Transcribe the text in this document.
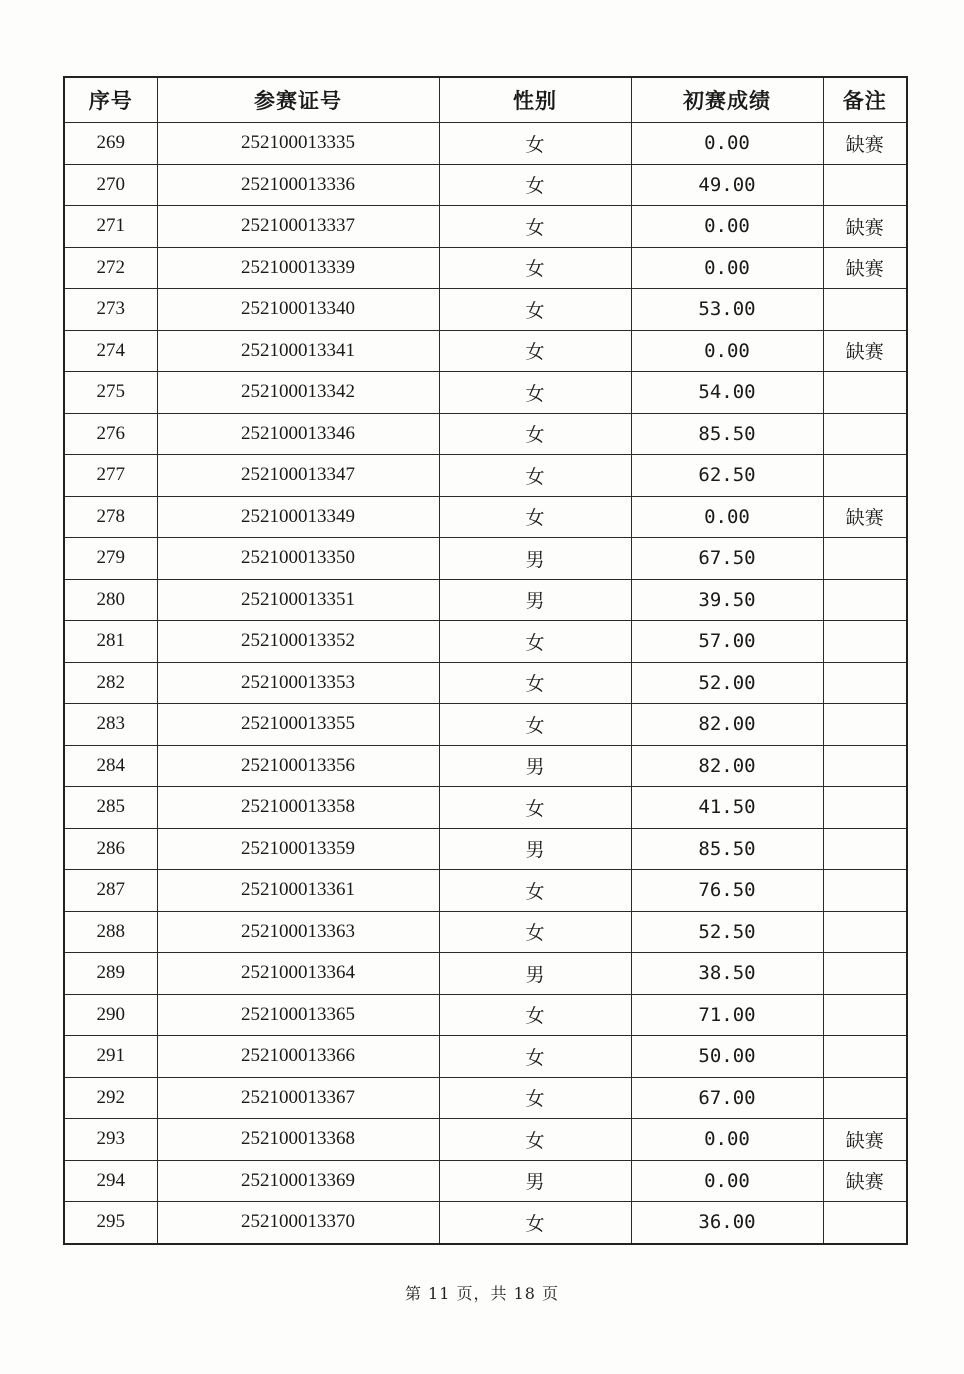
序号	参赛证号	性别	初赛成绩	备注
269	252100013335	女	0.00	缺赛
270	252100013336	女	49.00	
271	252100013337	女	0.00	缺赛
272	252100013339	女	0.00	缺赛
273	252100013340	女	53.00	
274	252100013341	女	0.00	缺赛
275	252100013342	女	54.00	
276	252100013346	女	85.50	
277	252100013347	女	62.50	
278	252100013349	女	0.00	缺赛
279	252100013350	男	67.50	
280	252100013351	男	39.50	
281	252100013352	女	57.00	
282	252100013353	女	52.00	
283	252100013355	女	82.00	
284	252100013356	男	82.00	
285	252100013358	女	41.50	
286	252100013359	男	85.50	
287	252100013361	女	76.50	
288	252100013363	女	52.50	
289	252100013364	男	38.50	
290	252100013365	女	71.00	
291	252100013366	女	50.00	
292	252100013367	女	67.00	
293	252100013368	女	0.00	缺赛
294	252100013369	男	0.00	缺赛
295	252100013370	女	36.00	
第 11 页，共 18 页
